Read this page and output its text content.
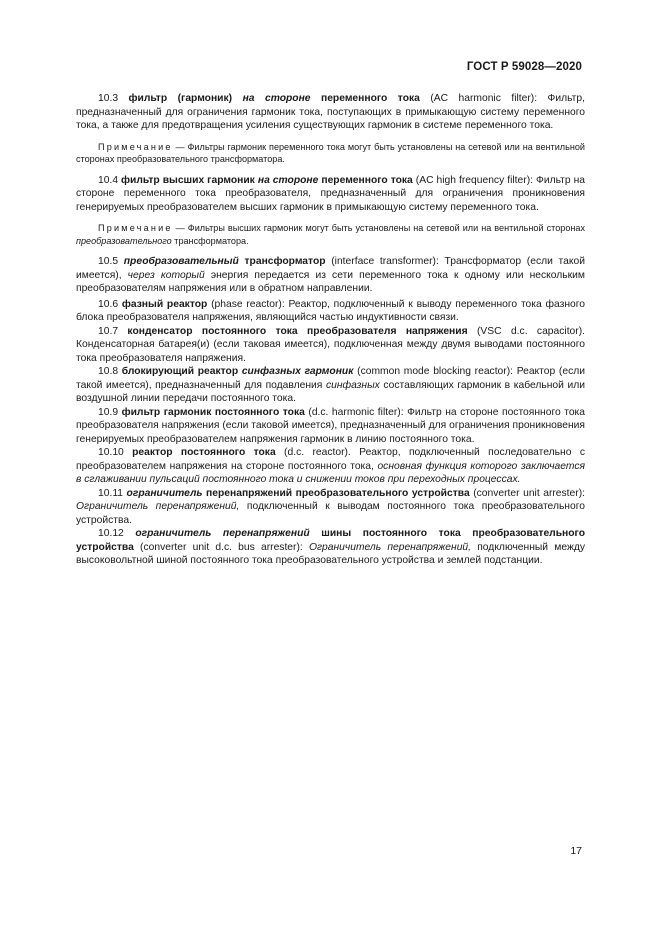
ГОСТ Р 59028—2020

10.3 фильтр (гармоник) на стороне переменного тока (AC harmonic filter): Фильтр, предназначенный для ограничения гармоник тока, поступающих в примыкающую систему переменного тока, а также для предотвращения усиления существующих гармоник в системе переменного тока.

Примечание — Фильтры гармоник переменного тока могут быть установлены на сетевой или на вентильной сторонах преобразовательного трансформатора.

10.4 фильтр высших гармоник на стороне переменного тока (AC high frequency filter): Фильтр на стороне переменного тока преобразователя, предназначенный для ограничения проникновения генерируемых преобразователем высших гармоник в примыкающую систему переменного тока.

Примечание — Фильтры высших гармоник могут быть установлены на сетевой или на вентильной сторонах преобразовательного трансформатора.

10.5 преобразовательный трансформатор (interface transformer): Трансформатор (если такой имеется), через который энергия передается из сети переменного тока к одному или нескольким преобразователям напряжения или в обратном направлении.

10.6 фазный реактор (phase reactor): Реактор, подключенный к выводу переменного тока фазного блока преобразователя напряжения, являющийся частью индуктивности связи.

10.7 конденсатор постоянного тока преобразователя напряжения (VSC d.c. capacitor). Конденсаторная батарея(и) (если таковая имеется), подключенная между двумя выводами постоянного тока преобразователя напряжения.

10.8 блокирующий реактор синфазных гармоник (common mode blocking reactor): Реактор (если такой имеется), предназначенный для подавления синфазных составляющих гармоник в кабельной или воздушной линии передачи постоянного тока.

10.9 фильтр гармоник постоянного тока (d.c. harmonic filter): Фильтр на стороне постоянного тока преобразователя напряжения (если таковой имеется), предназначенный для ограничения проникновения генерируемых преобразователем напряжения гармоник в линию постоянного тока.

10.10 реактор постоянного тока (d.c. reactor). Реактор, подключенный последовательно с преобразователем напряжения на стороне постоянного тока, основная функция которого заключается в сглаживании пульсаций постоянного тока и снижении токов при переходных процессах.

10.11 ограничитель перенапряжений преобразовательного устройства (converter unit arrester): Ограничитель перенапряжений, подключенный к выводам постоянного тока преобразовательного устройства.

10.12 ограничитель перенапряжений шины постоянного тока преобразовательного устройства (converter unit d.c. bus arrester): Ограничитель перенапряжений, подключенный между высоковольтной шиной постоянного тока преобразовательного устройства и землей подстанции.

17
